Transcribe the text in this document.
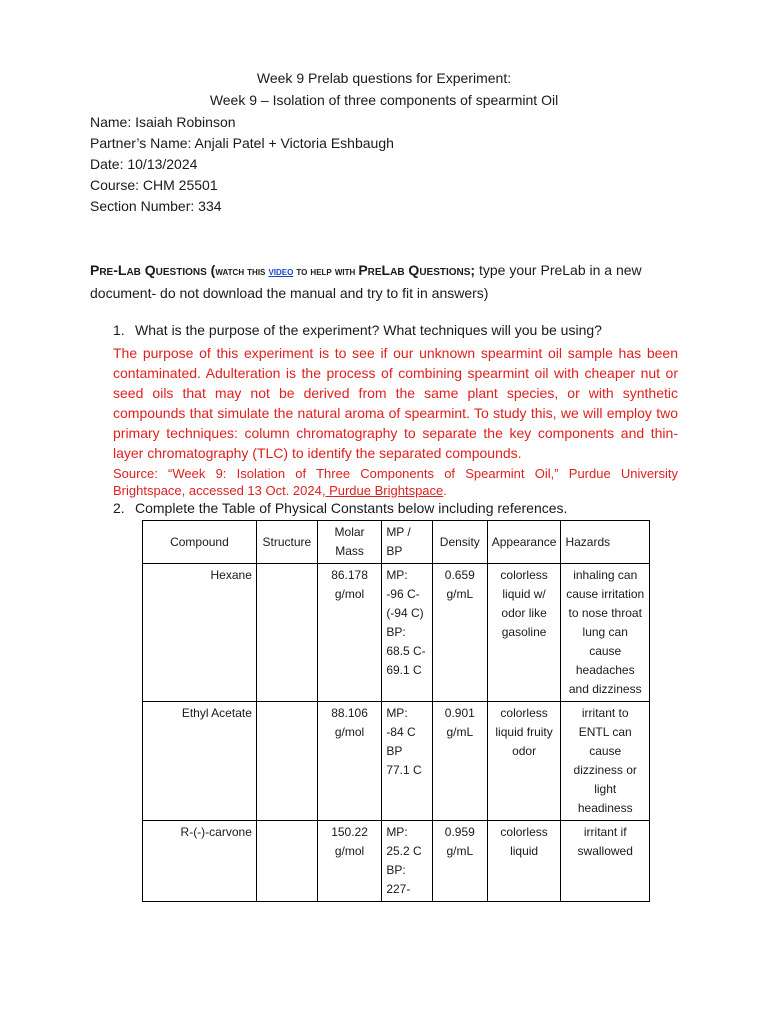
Week 9 Prelab questions for Experiment:
Week 9 – Isolation of three components of spearmint Oil
Name: Isaiah Robinson
Partner’s Name: Anjali Patel + Victoria Eshbaugh
Date: 10/13/2024
Course: CHM 25501
Section Number: 334
Pre-Lab Questions (watch this video to help with PreLab Questions; type your PreLab in a new document- do not download the manual and try to fit in answers)
1. What is the purpose of the experiment? What techniques will you be using?
The purpose of this experiment is to see if our unknown spearmint oil sample has been contaminated. Adulteration is the process of combining spearmint oil with cheaper nut or seed oils that may not be derived from the same plant species, or with synthetic compounds that simulate the natural aroma of spearmint. To study this, we will employ two primary techniques: column chromatography to separate the key components and thin-layer chromatography (TLC) to identify the separated compounds.
Source: “Week 9: Isolation of Three Components of Spearmint Oil,” Purdue University Brightspace, accessed 13 Oct. 2024, Purdue Brightspace.
2. Complete the Table of Physical Constants below including references.
Compound	Structure	Molar Mass	MP / BP	Density	Appearance	Hazards
Hexane		86.178 g/mol	MP: -96 C-(-94 C) BP: 68.5 C-69.1 C	0.659 g/mL	colorless liquid w/ odor like gasoline	inhaling can cause irritation to nose throat lung can cause headaches and dizziness
Ethyl Acetate		88.106 g/mol	MP: -84 C BP 77.1 C	0.901 g/mL	colorless liquid fruity odor	irritant to ENTL can cause dizziness or light headiness
R-(-)-carvone		150.22 g/mol	MP: 25.2 C BP: 227-	0.959 g/mL	colorless liquid	irritant if swallowed
